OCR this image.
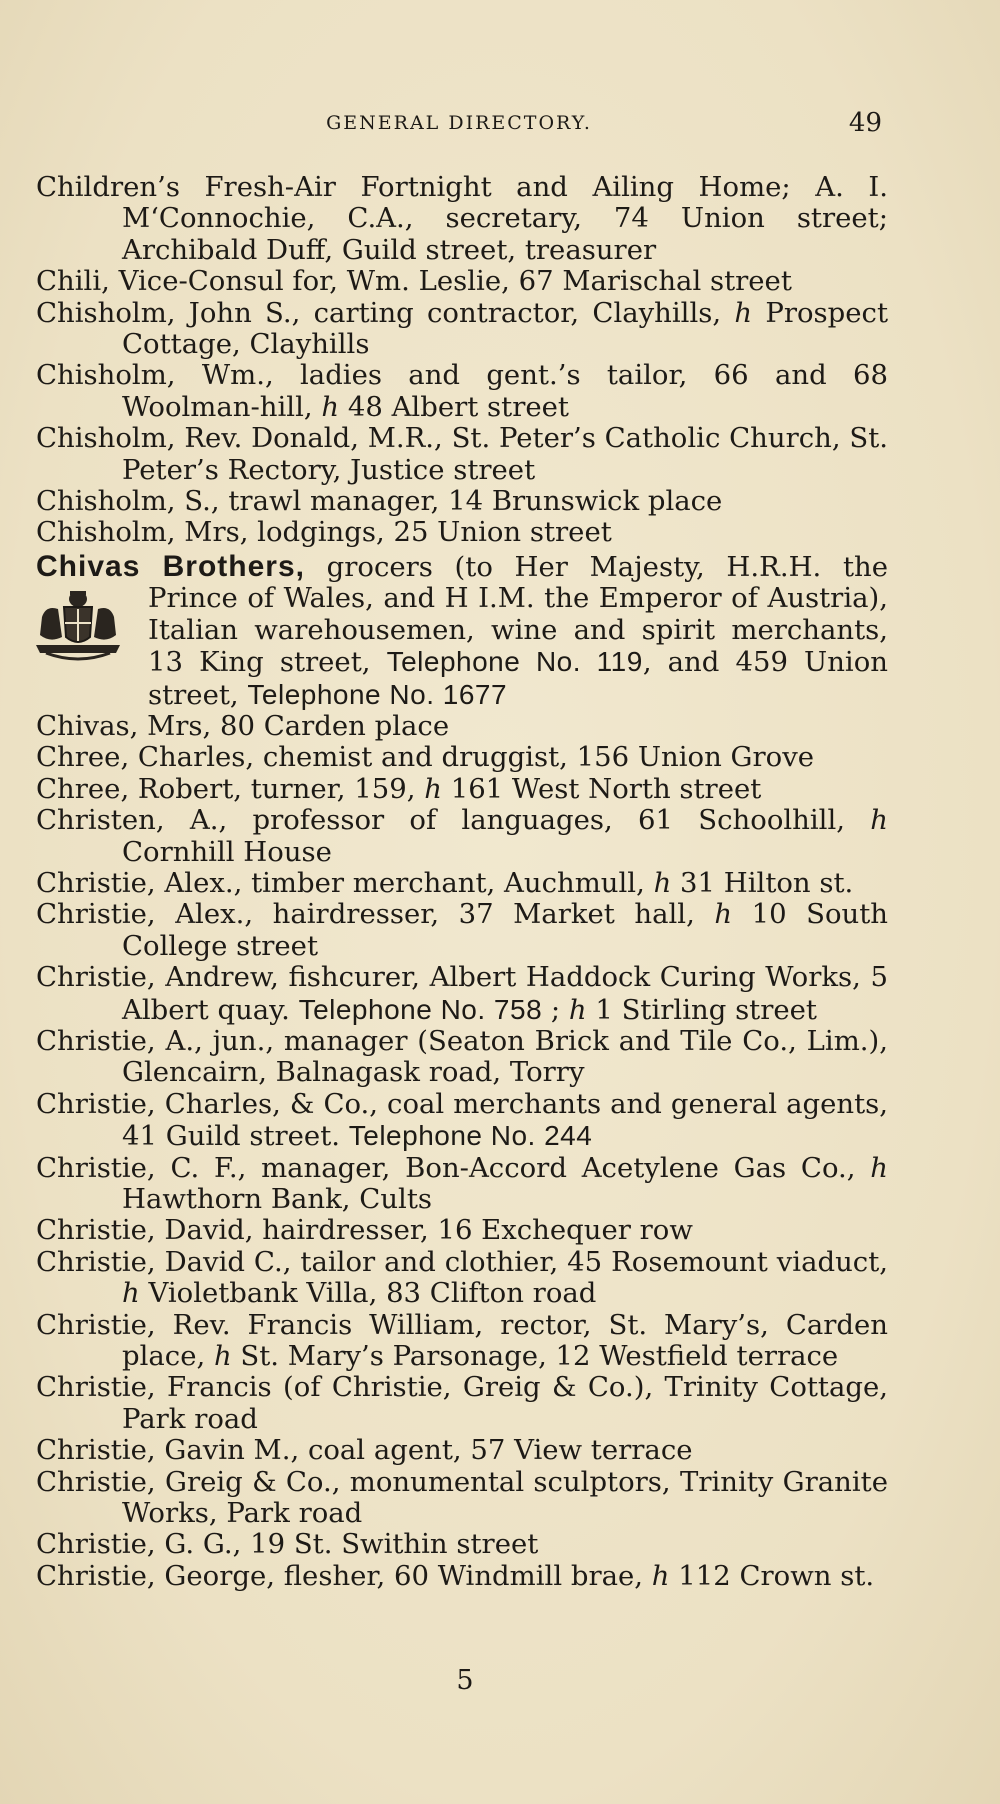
GENERAL DIRECTORY.	49

Children’s Fresh-Air Fortnight and Ailing Home; A. I. M‘Connochie, C.A., secretary, 74 Union street; Archibald Duff, Guild street, treasurer

Chili, Vice-Consul for, Wm. Leslie, 67 Marischal street

Chisholm, John S., carting contractor, Clayhills, h Prospect Cottage, Clayhills

Chisholm, Wm., ladies and gent.’s tailor, 66 and 68 Woolman-hill, h 48 Albert street

Chisholm, Rev. Donald, M.R., St. Peter’s Catholic Church, St. Peter’s Rectory, Justice street

Chisholm, S., trawl manager, 14 Brunswick place

Chisholm, Mrs, lodgings, 25 Union street

Chivas Brothers, grocers (to Her Majesty, H.R.H. the Prince of Wales, and H I.M. the Emperor of Austria), Italian warehousemen, wine and spirit merchants, 13 King street, Telephone No. 119, and 459 Union street, Telephone No. 1677

Chivas, Mrs, 80 Carden place

Chree, Charles, chemist and druggist, 156 Union Grove

Chree, Robert, turner, 159, h 161 West North street

Christen, A., professor of languages, 61 Schoolhill, h Cornhill House

Christie, Alex., timber merchant, Auchmull, h 31 Hilton st.

Christie, Alex., hairdresser, 37 Market hall, h 10 South College street

Christie, Andrew, fishcurer, Albert Haddock Curing Works, 5 Albert quay. Telephone No. 758 ; h 1 Stirling street

Christie, A., jun., manager (Seaton Brick and Tile Co., Lim.), Glencairn, Balnagask road, Torry

Christie, Charles, & Co., coal merchants and general agents, 41 Guild street. Telephone No. 244

Christie, C. F., manager, Bon-Accord Acetylene Gas Co., h Hawthorn Bank, Cults

Christie, David, hairdresser, 16 Exchequer row

Christie, David C., tailor and clothier, 45 Rosemount viaduct, h Violetbank Villa, 83 Clifton road

Christie, Rev. Francis William, rector, St. Mary’s, Carden place, h St. Mary’s Parsonage, 12 Westfield terrace

Christie, Francis (of Christie, Greig & Co.), Trinity Cottage, Park road

Christie, Gavin M., coal agent, 57 View terrace

Christie, Greig & Co., monumental sculptors, Trinity Granite Works, Park road

Christie, G. G., 19 St. Swithin street

Christie, George, flesher, 60 Windmill brae, h 112 Crown st.

5
